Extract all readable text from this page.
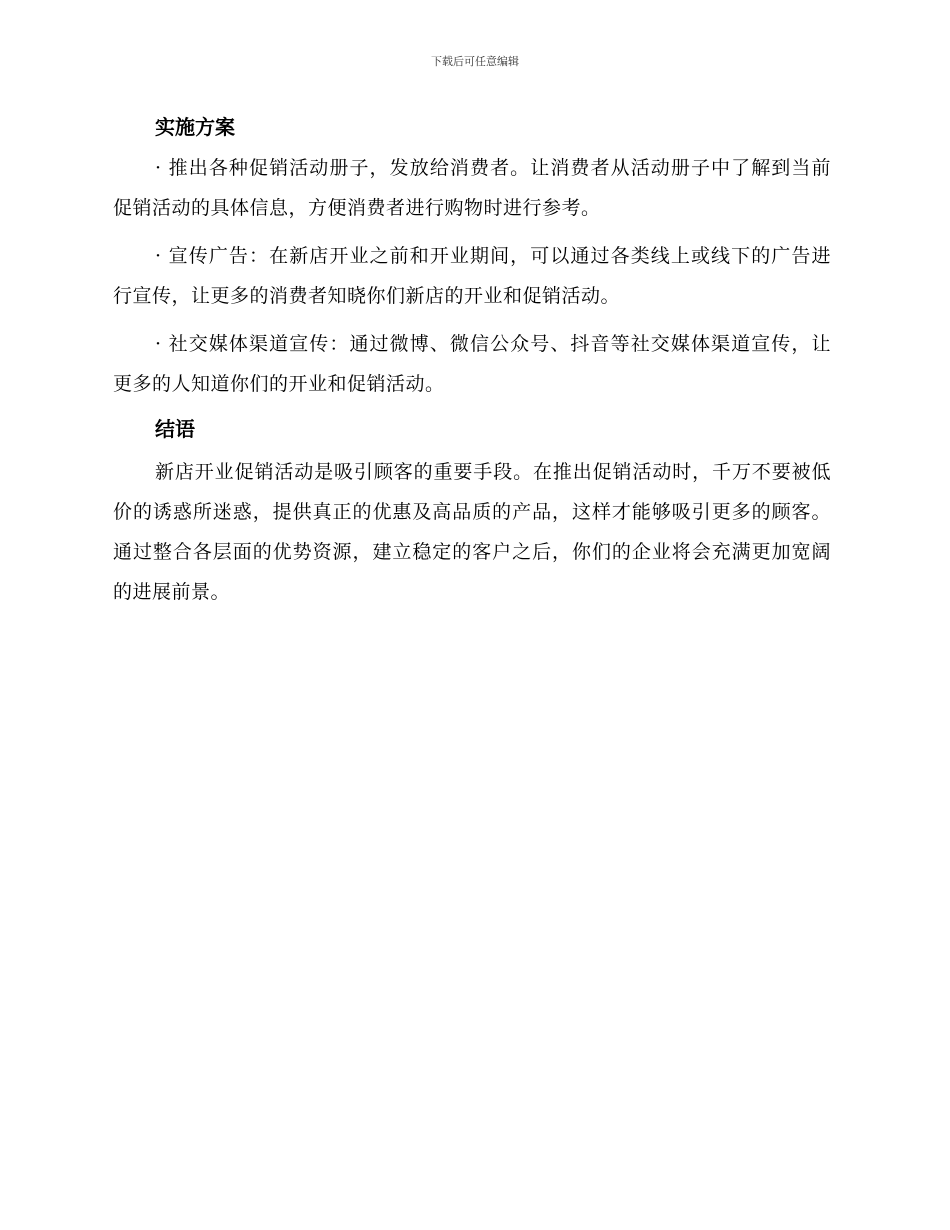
下载后可任意编辑

实施方案

· 推出各种促销活动册子，发放给消费者。让消费者从活动册子中了解到当前促销活动的具体信息，方便消费者进行购物时进行参考。

· 宣传广告：在新店开业之前和开业期间，可以通过各类线上或线下的广告进行宣传，让更多的消费者知晓你们新店的开业和促销活动。

· 社交媒体渠道宣传：通过微博、微信公众号、抖音等社交媒体渠道宣传，让更多的人知道你们的开业和促销活动。

结语

新店开业促销活动是吸引顾客的重要手段。在推出促销活动时，千万不要被低价的诱惑所迷惑，提供真正的优惠及高品质的产品，这样才能够吸引更多的顾客。通过整合各层面的优势资源，建立稳定的客户之后，你们的企业将会充满更加宽阔的进展前景。
